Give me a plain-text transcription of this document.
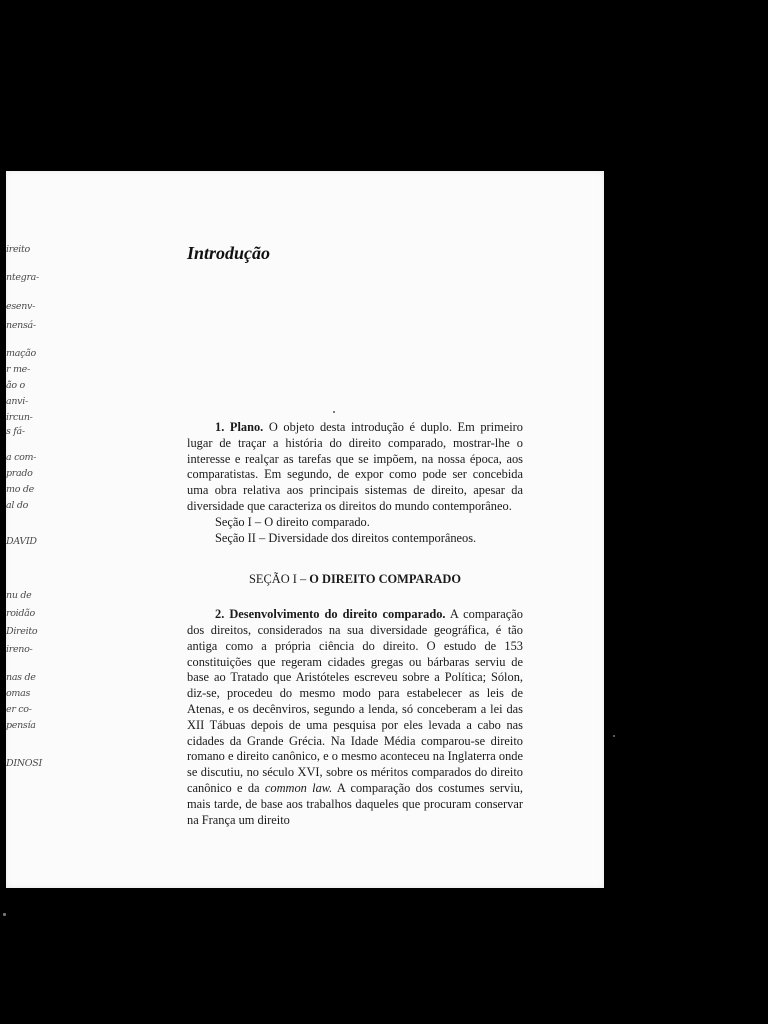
ireito
ntegra-
esenv-
nensá-
mação
r me-
ão o
anvi-
ircun-
s fá-
a com-
prado
mo de
al do
DAVID
nu de
roidão
Direito
ireno-
nas de
omas
er co-
pensía
DINOSI
Introdução

1. Plano. O objeto desta introdução é duplo. Em primeiro lugar de traçar a história do direito comparado, mostrar-lhe o interesse e realçar as tarefas que se impõem, na nossa época, aos comparatistas. Em segundo, de expor como pode ser concebida uma obra relativa aos principais sistemas de direito, apesar da diversidade que caracteriza os direitos do mundo contemporâneo.

Seção I – O direito comparado.

Seção II – Diversidade dos direitos contemporâneos.

SEÇÃO I – O DIREITO COMPARADO

2. Desenvolvimento do direito comparado. A comparação dos direitos, considerados na sua diversidade geográfica, é tão antiga como a própria ciência do direito. O estudo de 153 constituições que regeram cidades gregas ou bárbaras serviu de base ao Tratado que Aristóteles escreveu sobre a Política; Sólon, diz-se, procedeu do mesmo modo para estabelecer as leis de Atenas, e os decênviros, segundo a lenda, só conceberam a lei das XII Tábuas depois de uma pesquisa por eles levada a cabo nas cidades da Grande Grécia. Na Idade Média comparou-se direito romano e direito canônico, e o mesmo aconteceu na Inglaterra onde se discutiu, no século XVI, sobre os méritos comparados do direito canônico e da common law. A comparação dos costumes serviu, mais tarde, de base aos trabalhos daqueles que procuram conservar na França um direito
